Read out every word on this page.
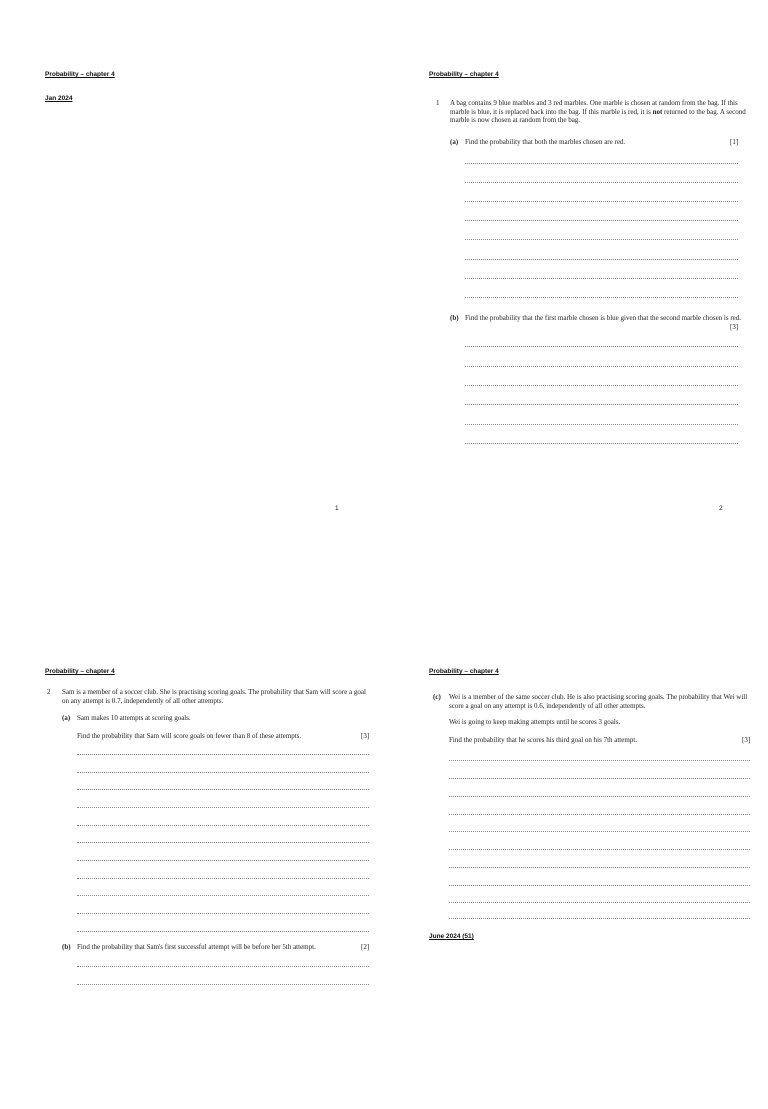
Probability – chapter 4
Jan 2024
1
Probability – chapter 4
1 A bag contains 9 blue marbles and 3 red marbles. One marble is chosen at random from the bag. If this marble is blue, it is replaced back into the bag. If this marble is red, it is not returned to the bag. A second marble is now chosen at random from the bag.
(a) Find the probability that both the marbles chosen are red.	[1]
(b) Find the probability that the first marble chosen is blue given that the second marble chosen is red.
[3]
2
Probability – chapter 4
2 Sam is a member of a soccer club. She is practising scoring goals. The probability that Sam will score a goal on any attempt is 0.7, independently of all other attempts.
(a) Sam makes 10 attempts at scoring goals.
Find the probability that Sam will score goals on fewer than 8 of these attempts.	[3]
(b) Find the probability that Sam's first successful attempt will be before her 5th attempt.	[2]
Probability – chapter 4
(c) Wei is a member of the same soccer club. He is also practising scoring goals. The probability that Wei will score a goal on any attempt is 0.6, independently of all other attempts.
Wei is going to keep making attempts until he scores 3 goals.
Find the probability that he scores his third goal on his 7th attempt.	[3]
June 2024 (51)
